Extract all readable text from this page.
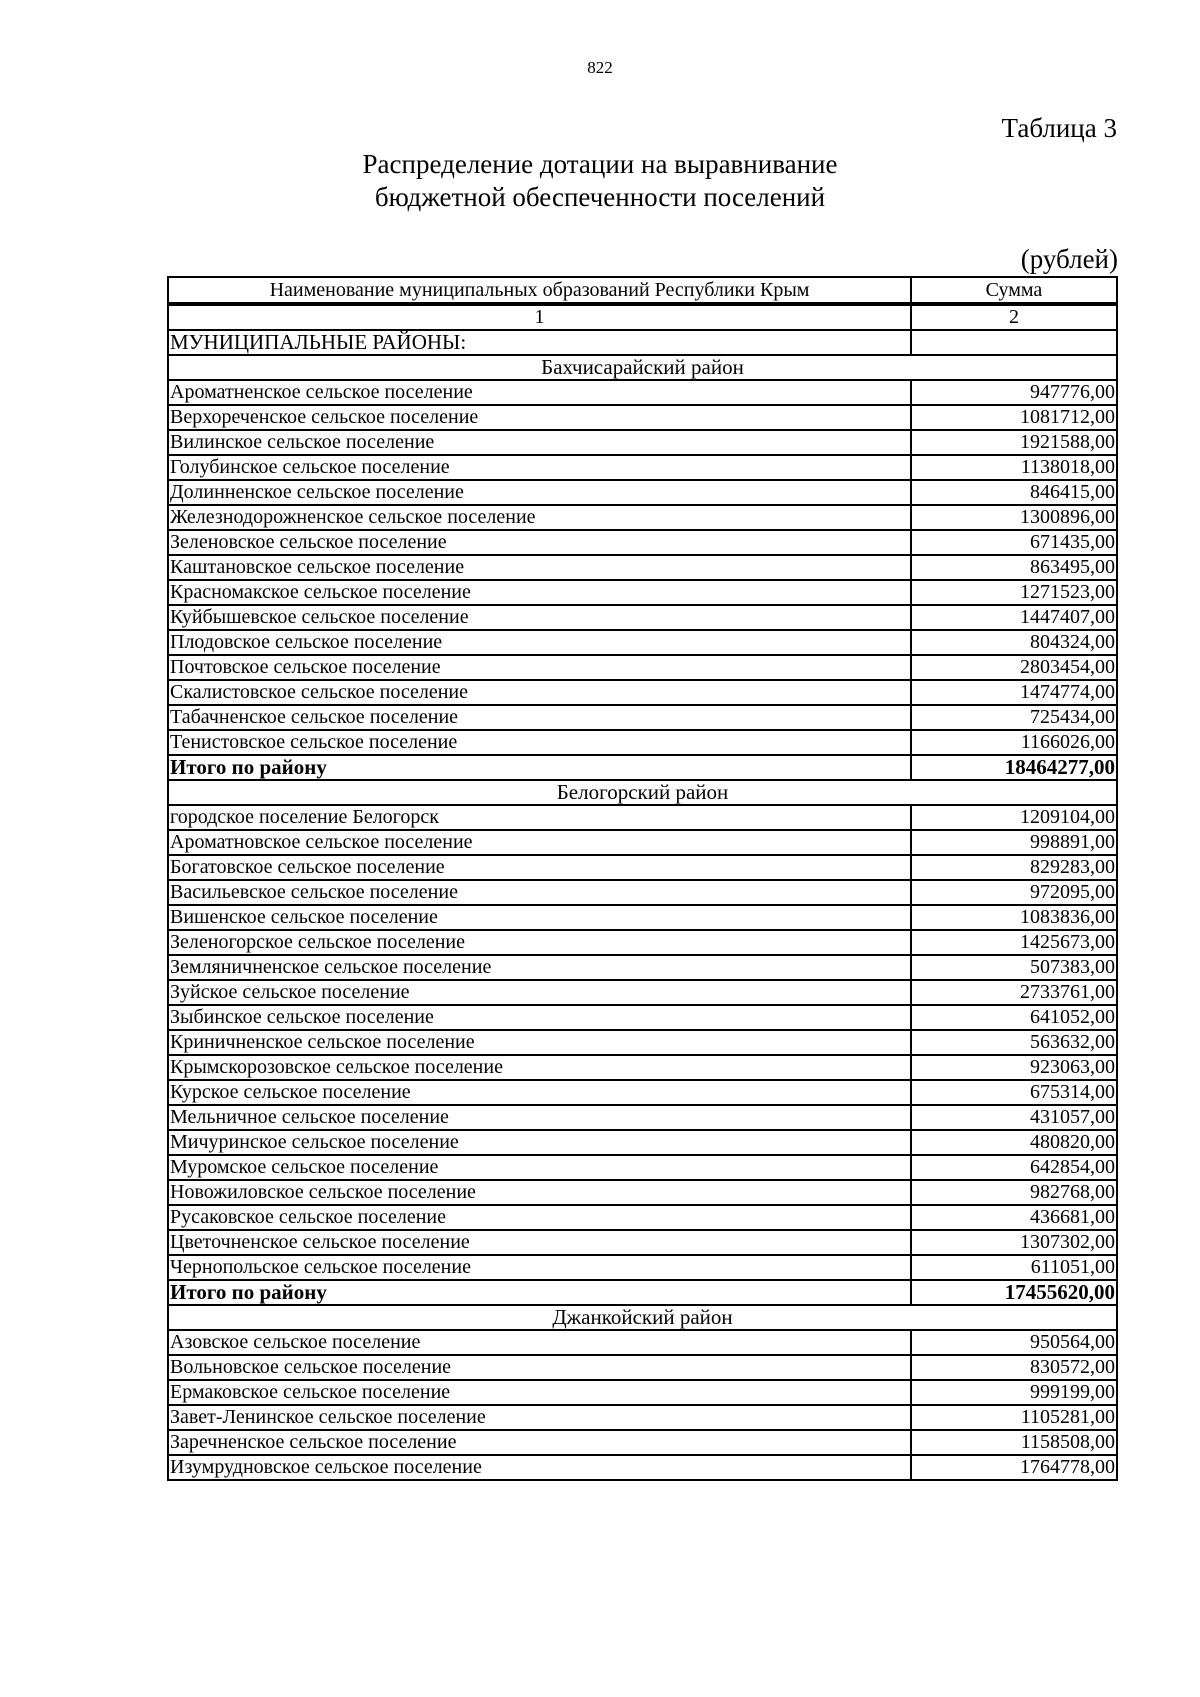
822
Таблица 3
Распределение дотации на выравнивание
бюджетной обеспеченности поселений
(рублей)
Наименование муниципальных образований Республики Крым	Сумма
1	2
МУНИЦИПАЛЬНЫЕ РАЙОНЫ:	
Бахчисарайский район	
Ароматненское сельское поселение	947776,00
Верхореченское сельское поселение	1081712,00
Вилинское сельское поселение	1921588,00
Голубинское сельское поселение	1138018,00
Долинненское сельское поселение	846415,00
Железнодорожненское сельское поселение	1300896,00
Зеленовское сельское поселение	671435,00
Каштановское сельское поселение	863495,00
Красномакское сельское поселение	1271523,00
Куйбышевское сельское поселение	1447407,00
Плодовское сельское поселение	804324,00
Почтовское сельское поселение	2803454,00
Скалистовское сельское поселение	1474774,00
Табачненское сельское поселение	725434,00
Тенистовское сельское поселение	1166026,00
Итого по району	18464277,00
Белогорский район	
городское поселение Белогорск	1209104,00
Ароматновское сельское поселение	998891,00
Богатовское сельское поселение	829283,00
Васильевское сельское поселение	972095,00
Вишенское сельское поселение	1083836,00
Зеленогорское сельское поселение	1425673,00
Земляничненское сельское поселение	507383,00
Зуйское сельское поселение	2733761,00
Зыбинское сельское поселение	641052,00
Криничненское сельское поселение	563632,00
Крымскорозовское сельское поселение	923063,00
Курское сельское поселение	675314,00
Мельничное сельское поселение	431057,00
Мичуринское сельское поселение	480820,00
Муромское сельское поселение	642854,00
Новожиловское сельское поселение	982768,00
Русаковское сельское поселение	436681,00
Цветочненское сельское поселение	1307302,00
Чернопольское сельское поселение	611051,00
Итого по району	17455620,00
Джанкойский район	
Азовское сельское поселение	950564,00
Вольновское сельское поселение	830572,00
Ермаковское сельское поселение	999199,00
Завет-Ленинское сельское поселение	1105281,00
Заречненское сельское поселение	1158508,00
Изумрудновское сельское поселение	1764778,00
